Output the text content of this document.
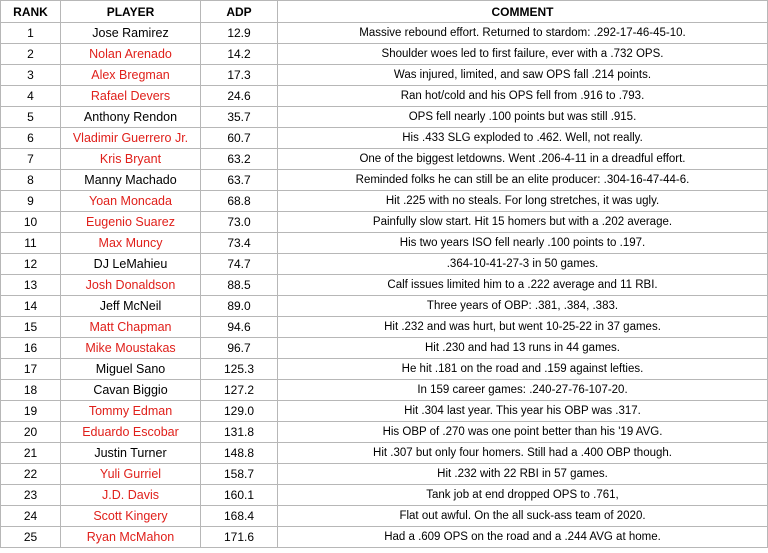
RANK	PLAYER	ADP	COMMENT
1	Jose Ramirez	12.9	Massive rebound effort. Returned to stardom: .292-17-46-45-10.
2	Nolan Arenado	14.2	Shoulder woes led to first failure, ever with a .732 OPS.
3	Alex Bregman	17.3	Was injured, limited, and saw OPS fall .214 points.
4	Rafael Devers	24.6	Ran hot/cold and his OPS fell from .916 to .793.
5	Anthony Rendon	35.7	OPS fell nearly .100 points but was still .915.
6	Vladimir Guerrero Jr.	60.7	His .433 SLG exploded to .462. Well, not really.
7	Kris Bryant	63.2	One of the biggest letdowns. Went .206-4-11 in a dreadful effort.
8	Manny Machado	63.7	Reminded folks he can still be an elite producer: .304-16-47-44-6.
9	Yoan Moncada	68.8	Hit .225 with no steals. For long stretches, it was ugly.
10	Eugenio Suarez	73.0	Painfully slow start. Hit 15 homers but with a .202 average.
11	Max Muncy	73.4	His two years ISO fell nearly .100 points to .197.
12	DJ LeMahieu	74.7	.364-10-41-27-3 in 50 games.
13	Josh Donaldson	88.5	Calf issues limited him to a .222 average and 11 RBI.
14	Jeff McNeil	89.0	Three years of OBP: .381, .384, .383.
15	Matt Chapman	94.6	Hit .232 and was hurt, but went 10-25-22 in 37 games.
16	Mike Moustakas	96.7	Hit .230 and had 13 runs in 44 games.
17	Miguel Sano	125.3	He hit .181 on the road and .159 against lefties.
18	Cavan Biggio	127.2	In 159 career games: .240-27-76-107-20.
19	Tommy Edman	129.0	Hit .304 last year. This year his OBP was .317.
20	Eduardo Escobar	131.8	His OBP of .270 was one point better than his '19 AVG.
21	Justin Turner	148.8	Hit .307 but only four homers. Still had a .400 OBP though.
22	Yuli Gurriel	158.7	Hit .232 with 22 RBI in 57 games.
23	J.D. Davis	160.1	Tank job at end dropped OPS to .761,
24	Scott Kingery	168.4	Flat out awful. On the all suck-ass team of 2020.
25	Ryan McMahon	171.6	Had a .609 OPS on the road and a .244 AVG at home.
